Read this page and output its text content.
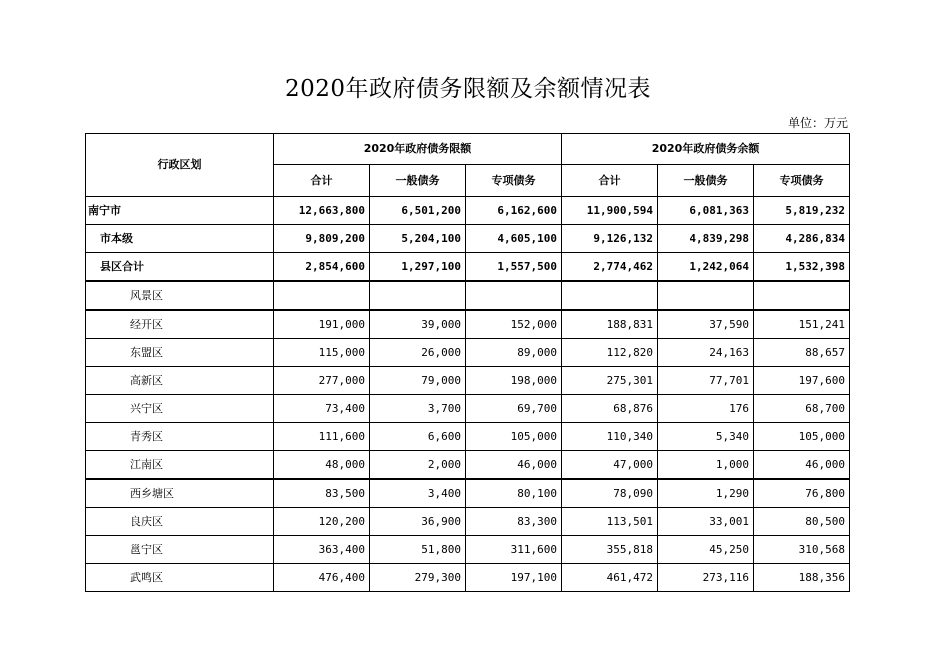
2020年政府债务限额及余额情况表
单位：万元
行政区划	2020年政府债务限额			2020年政府债务余额		
	合计	一般债务	专项债务	合计	一般债务	专项债务
南宁市	12,663,800	6,501,200	6,162,600	11,900,594	6,081,363	5,819,232
市本级	9,809,200	5,204,100	4,605,100	9,126,132	4,839,298	4,286,834
县区合计	2,854,600	1,297,100	1,557,500	2,774,462	1,242,064	1,532,398
风景区						
经开区	191,000	39,000	152,000	188,831	37,590	151,241
东盟区	115,000	26,000	89,000	112,820	24,163	88,657
高新区	277,000	79,000	198,000	275,301	77,701	197,600
兴宁区	73,400	3,700	69,700	68,876	176	68,700
青秀区	111,600	6,600	105,000	110,340	5,340	105,000
江南区	48,000	2,000	46,000	47,000	1,000	46,000
西乡塘区	83,500	3,400	80,100	78,090	1,290	76,800
良庆区	120,200	36,900	83,300	113,501	33,001	80,500
邕宁区	363,400	51,800	311,600	355,818	45,250	310,568
武鸣区	476,400	279,300	197,100	461,472	273,116	188,356
